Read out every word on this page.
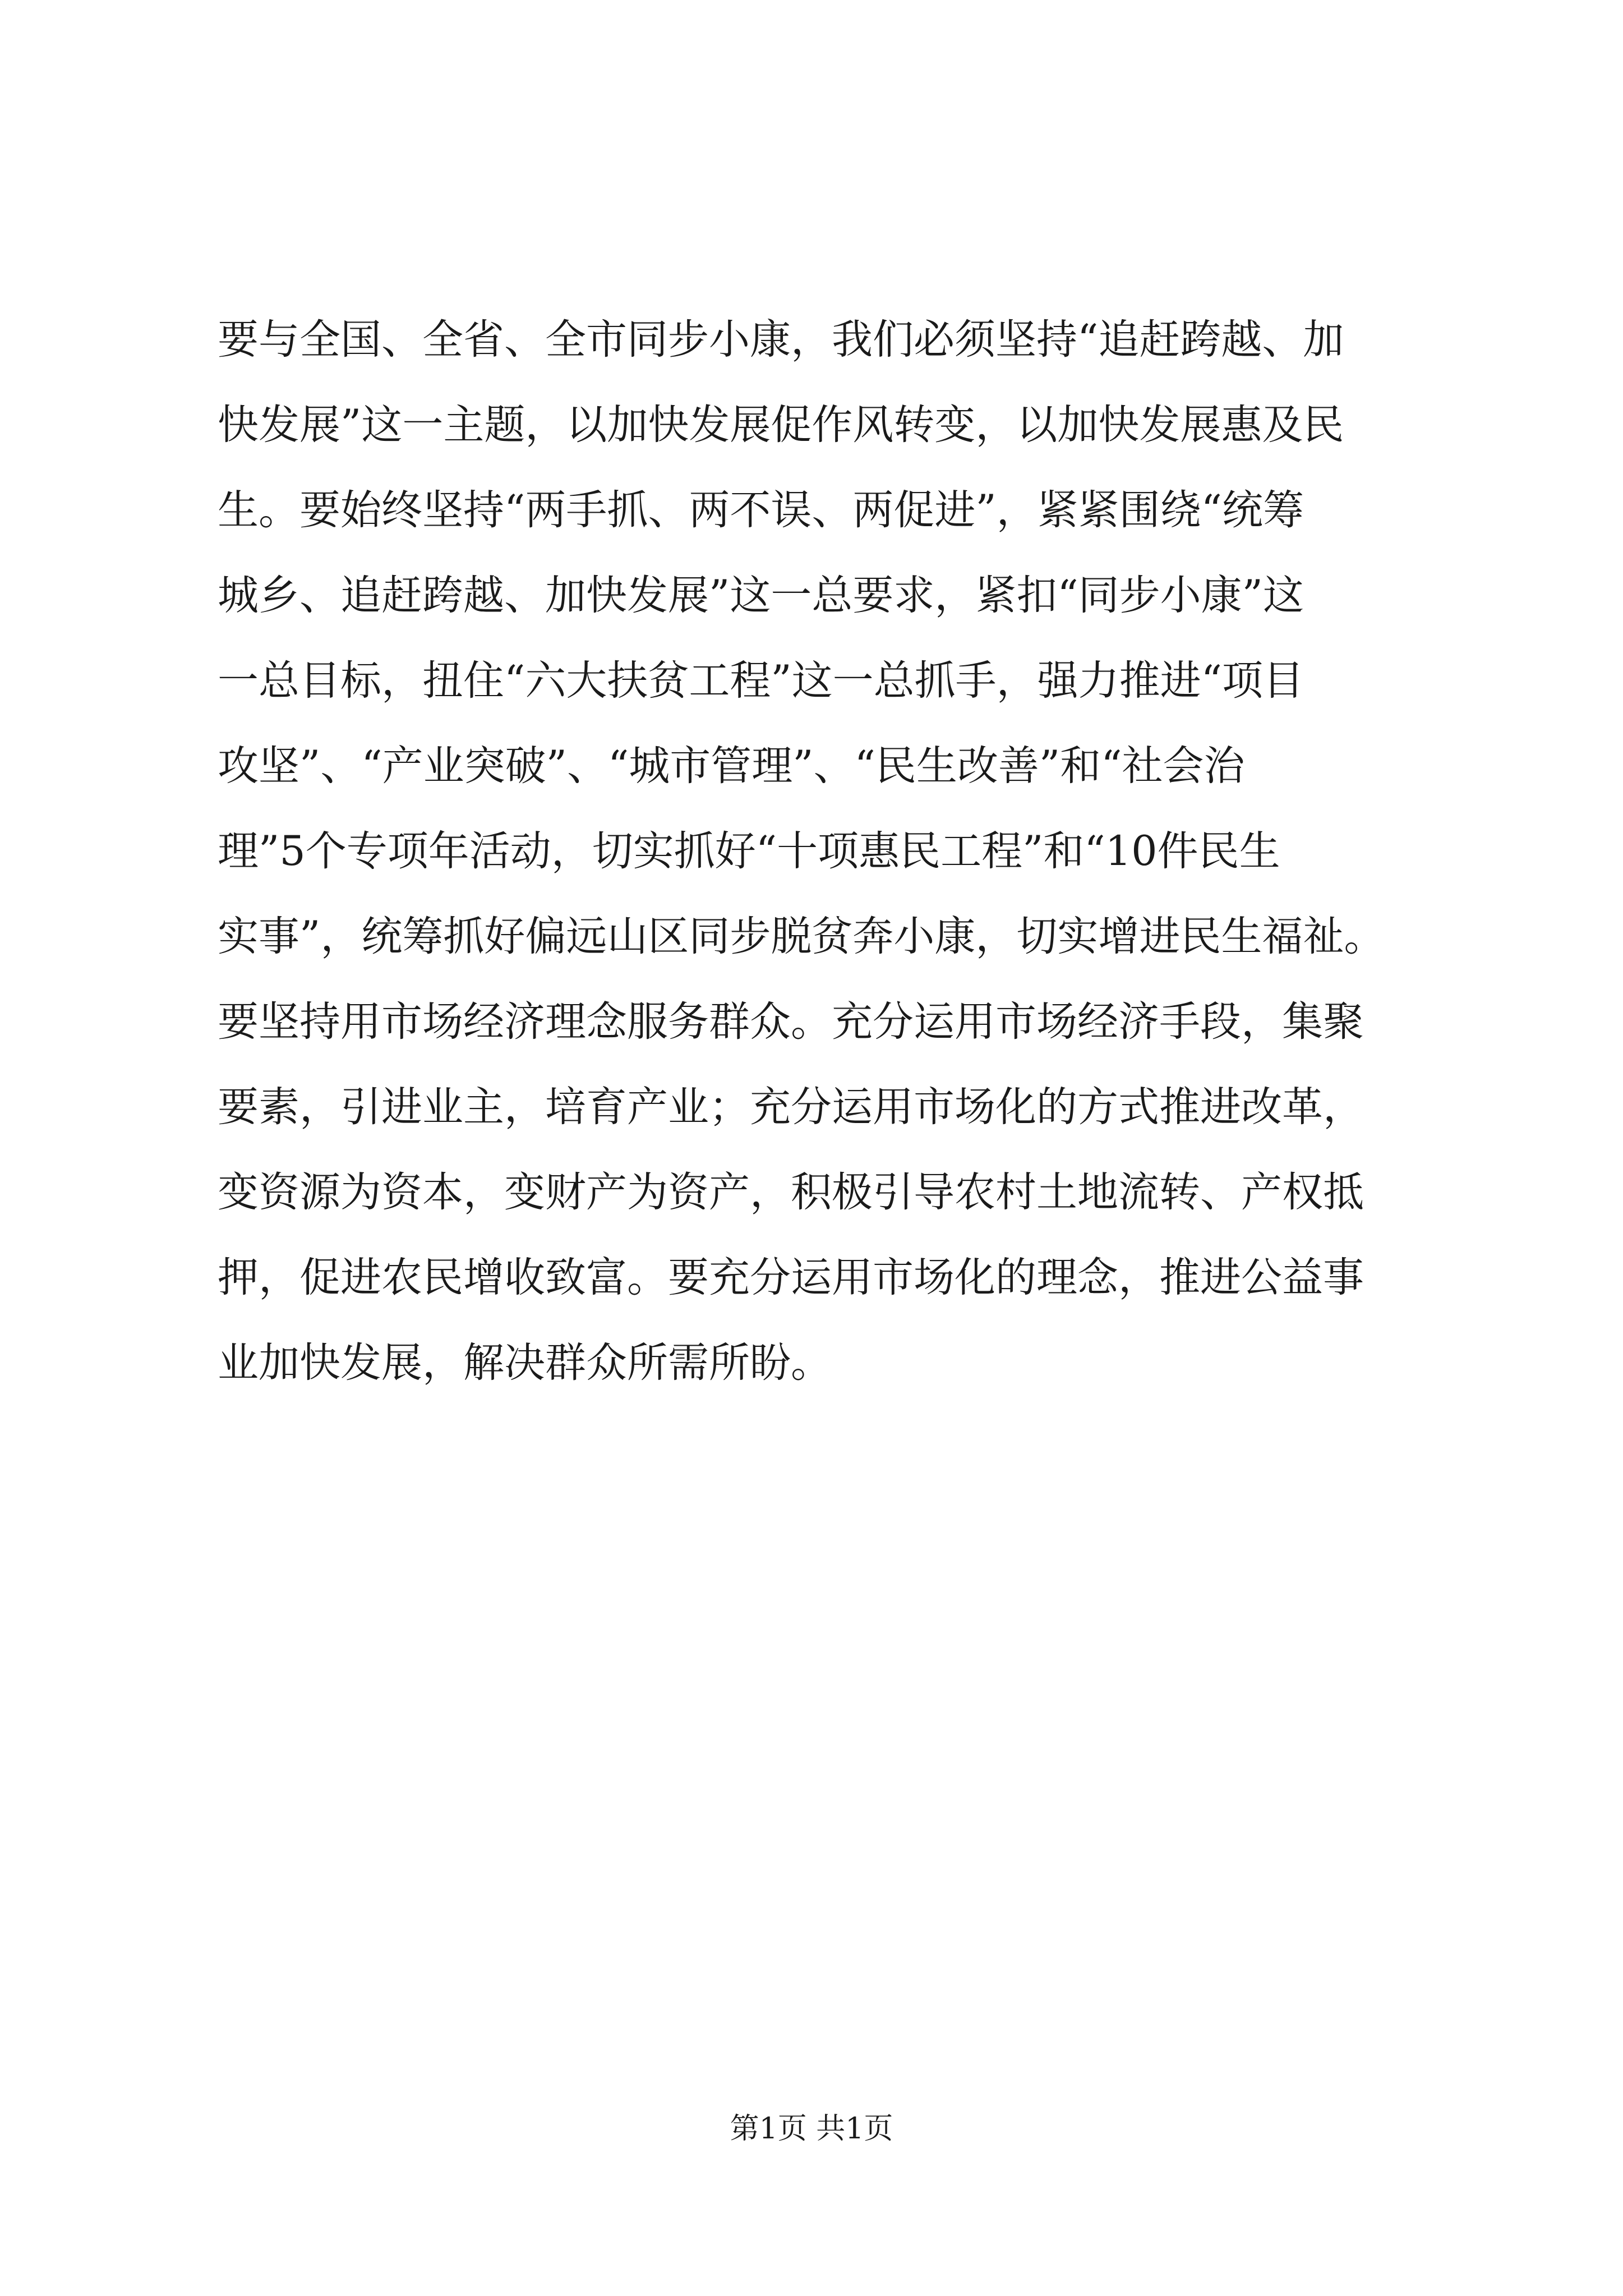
要与全国、全省、全市同步小康，我们必须坚持“追赶跨越、加
快发展”这一主题，以加快发展促作风转变，以加快发展惠及民
生。要始终坚持“两手抓、两不误、两促进”，紧紧围绕“统筹
城乡、追赶跨越、加快发展”这一总要求，紧扣“同步小康”这
一总目标，扭住“六大扶贫工程”这一总抓手，强力推进“项目
攻坚”、“产业突破”、“城市管理”、“民生改善”和“社会治
理”5个专项年活动，切实抓好“十项惠民工程”和“10件民生
实事”，统筹抓好偏远山区同步脱贫奔小康，切实增进民生福祉。
要坚持用市场经济理念服务群众。充分运用市场经济手段，集聚
要素，引进业主，培育产业；充分运用市场化的方式推进改革，
变资源为资本，变财产为资产，积极引导农村土地流转、产权抵
押，促进农民增收致富。要充分运用市场化的理念，推进公益事
业加快发展，解决群众所需所盼。
第1页 共1页
